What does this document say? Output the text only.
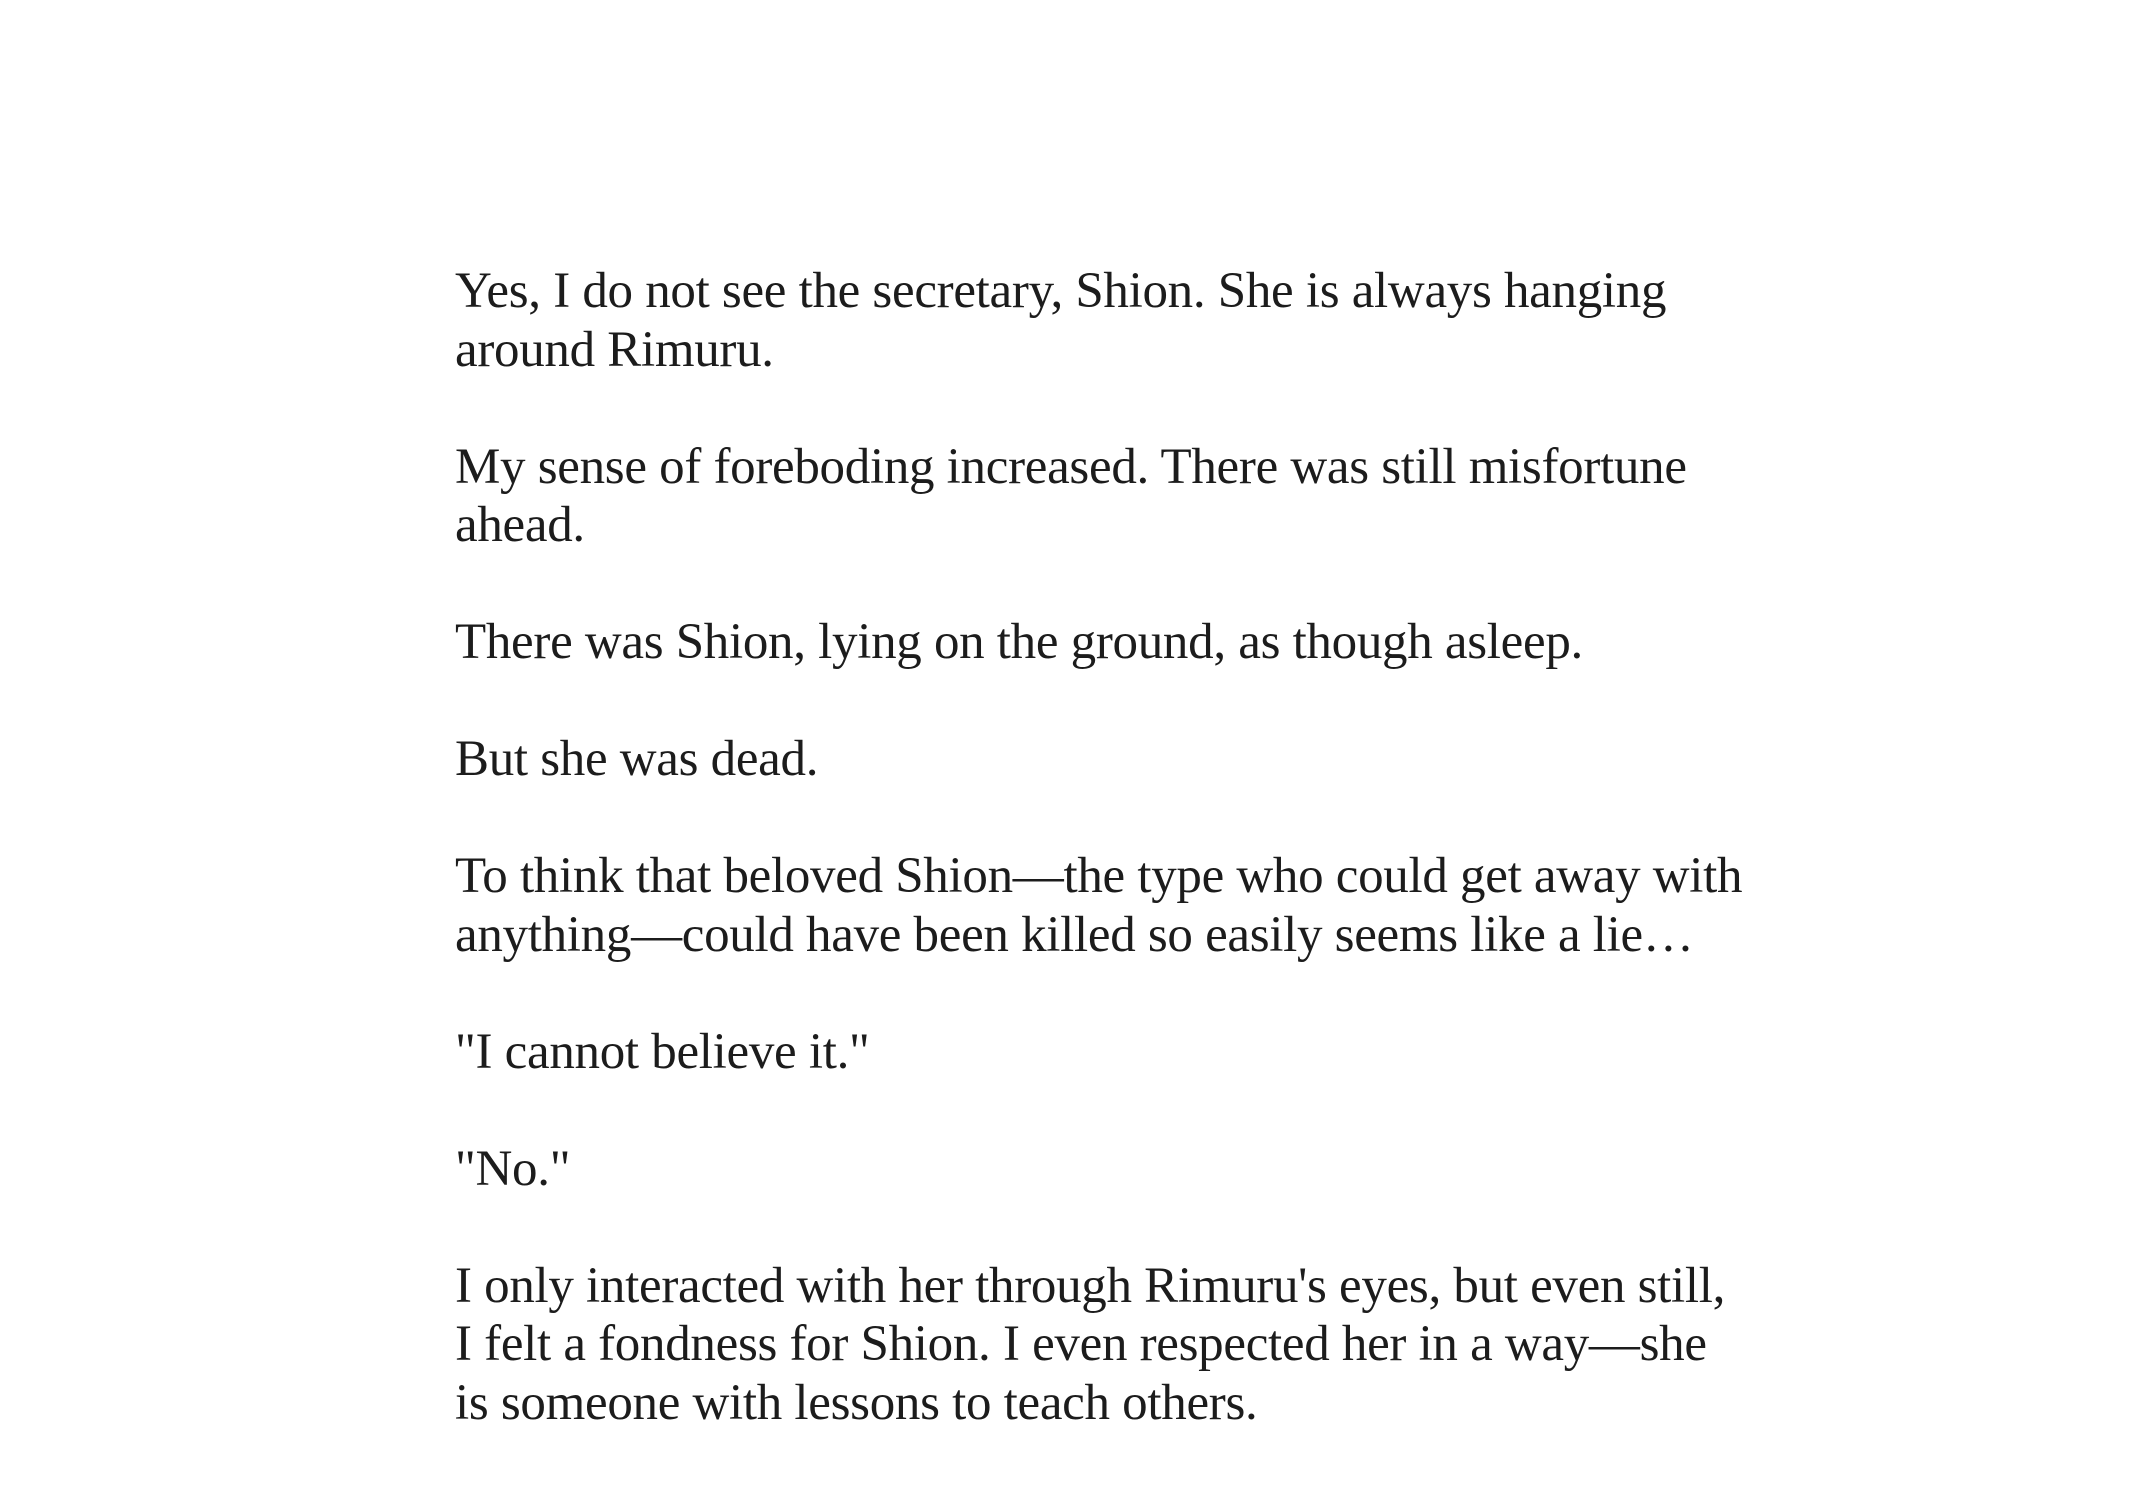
Yes, I do not see the secretary, Shion. She is always hanging around Rimuru.

My sense of foreboding increased. There was still misfortune ahead.

There was Shion, lying on the ground, as though asleep.

But she was dead.

To think that beloved Shion—the type who could get away with anything—could have been killed so easily seems like a lie…

"I cannot believe it."

"No."

I only interacted with her through Rimuru's eyes, but even still, I felt a fondness for Shion. I even respected her in a way—she is someone with lessons to teach others.
